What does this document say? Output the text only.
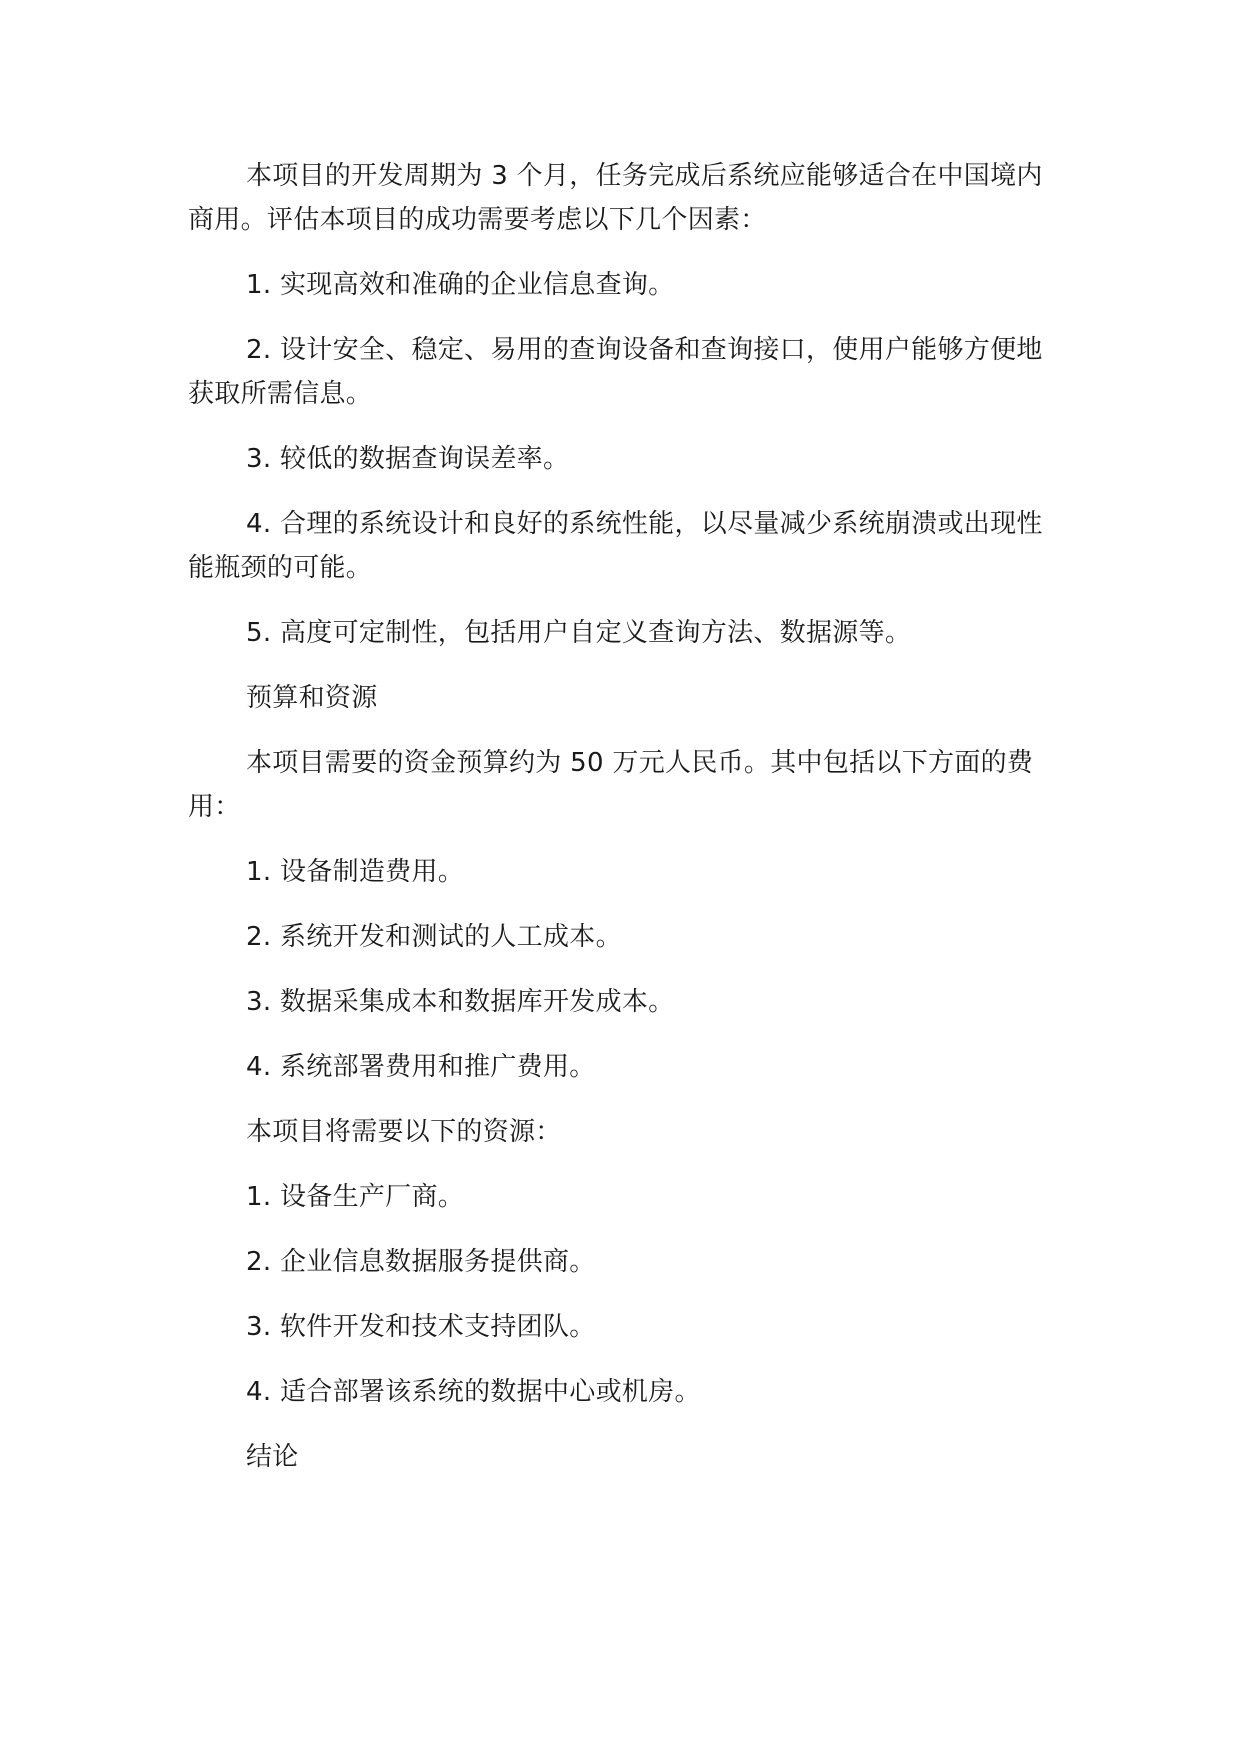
本项目的开发周期为 3 个月，任务完成后系统应能够适合在中国境内商用。评估本项目的成功需要考虑以下几个因素：

1. 实现高效和准确的企业信息查询。

2. 设计安全、稳定、易用的查询设备和查询接口，使用户能够方便地获取所需信息。

3. 较低的数据查询误差率。

4. 合理的系统设计和良好的系统性能，以尽量减少系统崩溃或出现性能瓶颈的可能。

5. 高度可定制性，包括用户自定义查询方法、数据源等。

预算和资源

本项目需要的资金预算约为 50 万元人民币。其中包括以下方面的费用：

1. 设备制造费用。

2. 系统开发和测试的人工成本。

3. 数据采集成本和数据库开发成本。

4. 系统部署费用和推广费用。

本项目将需要以下的资源：

1. 设备生产厂商。

2. 企业信息数据服务提供商。

3. 软件开发和技术支持团队。

4. 适合部署该系统的数据中心或机房。

结论
